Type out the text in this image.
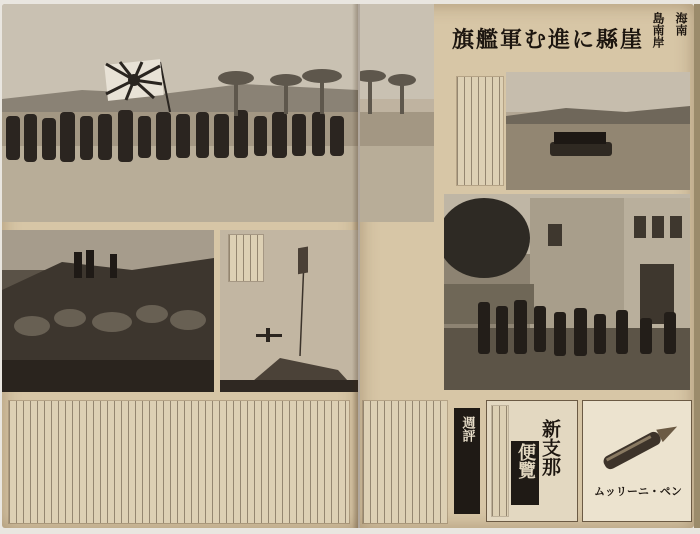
崖縣に進む軍艦旗 島南岸 海南
週評	新支那
便覽
ムッリーニ・ペン
